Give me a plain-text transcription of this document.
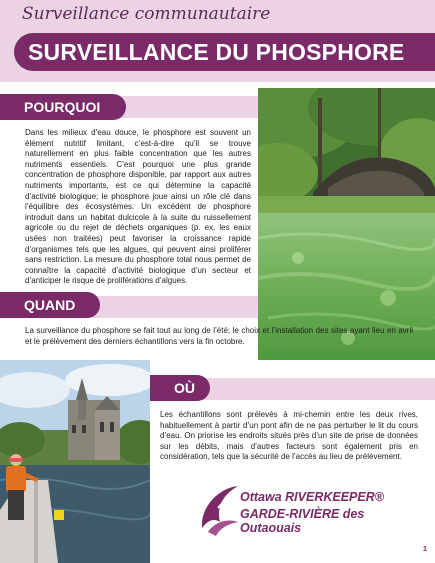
Surveillance communautaire
SURVEILLANCE DU PHOSPHORE
POURQUOI
Dans les milieux d’eau douce, le phosphore est souvent un élément nutritif limitant, c’est-à-dire qu’il se trouve naturellement en plus faible concentration que les autres nutriments essentiels. C’est pourquoi une plus grande concentration de phosphore disponible, par rapport aux autres nutriments importants, est ce qui détermine la capacité d’activité biologique; le phosphore joue ainsi un rôle clé dans l’équilibre des écosystèmes. Un excédent de phosphore introduit dans un habitat dulcicole à la suite du ruissellement agricole ou du rejet de déchets organiques (p. ex. les eaux usées non traitées) peut favoriser la croissance rapide d’organismes tels que les algues, qui peuvent ainsi proliférer sans restriction. La mesure du phosphore total nous permet de connaître la capacité d’activité biologique d’un secteur et d’anticiper le risque de proliférations d’algues.
QUAND
La surveillance du phosphore se fait tout au long de l’été; le choix et l’installation des sites ayant lieu en avril et le prélèvement des derniers échantillons vers la fin octobre.
OÙ
Les échantillons sont prélevés à mi-chemin entre les deux rives, habituellement à partir d’un pont afin de ne pas perturber le lit du cours d’eau. On priorise les endroits situés près d’un site de prise de données sur les débits, mais d’autres facteurs sont également pris en considération, tels que la sécurité de l’accès au lieu de prélèvement.
Ottawa RIVERKEEPER®
GARDE-RIVIÈRE des Outaouais
1
